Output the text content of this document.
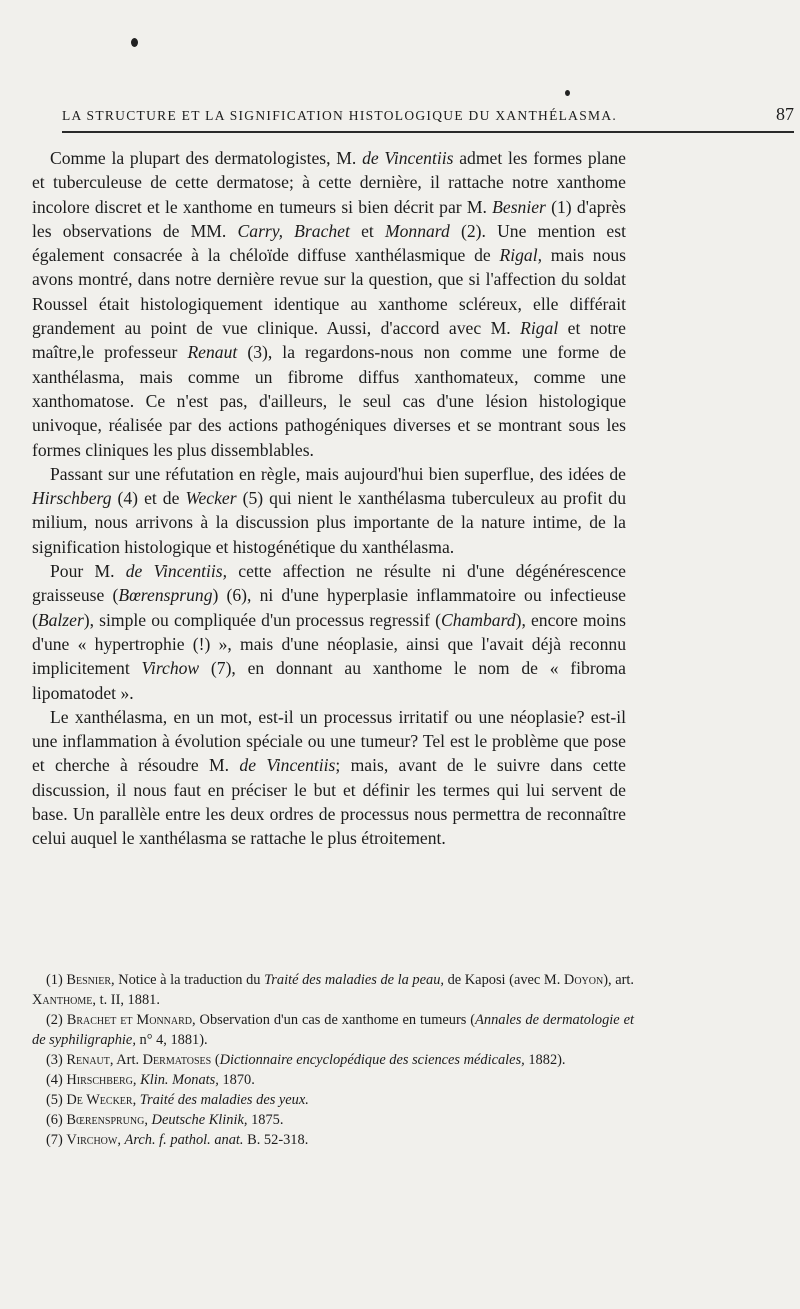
LA STRUCTURE ET LA SIGNIFICATION HISTOLOGIQUE DU XANTHÉLASMA.	87

Comme la plupart des dermatologistes, M. de Vincentiis admet les formes plane et tuberculeuse de cette dermatose; à cette dernière, il rattache notre xanthome incolore discret et le xanthome en tumeurs si bien décrit par M. Besnier (1) d'après les observations de MM. Carry, Brachet et Monnard (2). Une mention est également consacrée à la chéloïde diffuse xanthélasmique de Rigal, mais nous avons montré, dans notre dernière revue sur la question, que si l'affection du soldat Roussel était histologiquement identique au xanthome scléreux, elle différait grandement au point de vue clinique. Aussi, d'accord avec M. Rigal et notre maître,le professeur Renaut (3), la regardons-nous non comme une forme de xanthélasma, mais comme un fibrome diffus xanthomateux, comme une xanthomatose. Ce n'est pas, d'ailleurs, le seul cas d'une lésion histologique univoque, réalisée par des actions pathogéniques diverses et se montrant sous les formes cliniques les plus dissemblables.

Passant sur une réfutation en règle, mais aujourd'hui bien superflue, des idées de Hirschberg (4) et de Wecker (5) qui nient le xanthélasma tuberculeux au profit du milium, nous arrivons à la discussion plus importante de la nature intime, de la signification histologique et histogénétique du xanthélasma.

Pour M. de Vincentiis, cette affection ne résulte ni d'une dégénérescence graisseuse (Bœrensprung) (6), ni d'une hyperplasie inflammatoire ou infectieuse (Balzer), simple ou compliquée d'un processus regressif (Chambard), encore moins d'une « hypertrophie (!) », mais d'une néoplasie, ainsi que l'avait déjà reconnu implicitement Virchow (7), en donnant au xanthome le nom de « fibroma lipomatodet ».

Le xanthélasma, en un mot, est-il un processus irritatif ou une néoplasie? est-il une inflammation à évolution spéciale ou une tumeur? Tel est le problème que pose et cherche à résoudre M. de Vincentiis; mais, avant de le suivre dans cette discussion, il nous faut en préciser le but et définir les termes qui lui servent de base. Un parallèle entre les deux ordres de processus nous permettra de reconnaître celui auquel le xanthélasma se rattache le plus étroitement.

(1) Besnier, Notice à la traduction du Traité des maladies de la peau, de Kaposi (avec M. Doyon), art. Xanthome, t. II, 1881.

(2) Brachet et Monnard, Observation d'un cas de xanthome en tumeurs (Annales de dermatologie et de syphiligraphie, n° 4, 1881).

(3) Renaut, Art. Dermatoses (Dictionnaire encyclopédique des sciences médicales, 1882).

(4) Hirschberg, Klin. Monats, 1870.

(5) De Wecker, Traité des maladies des yeux.

(6) Bœrensprung, Deutsche Klinik, 1875.

(7) Virchow, Arch. f. pathol. anat. B. 52-318.
